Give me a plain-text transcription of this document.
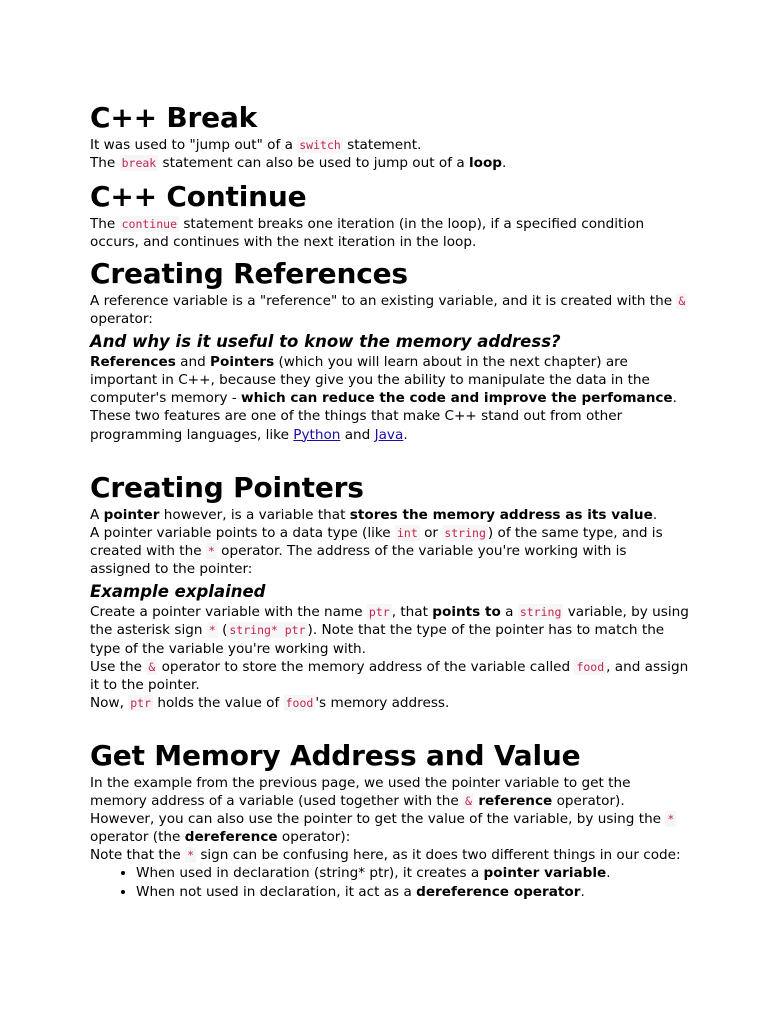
C++ Break

It was used to "jump out" of a switch statement.

The break statement can also be used to jump out of a loop.

C++ Continue

The continue statement breaks one iteration (in the loop), if a specified condition occurs, and continues with the next iteration in the loop.

Creating References

A reference variable is a "reference" to an existing variable, and it is created with the & operator:

And why is it useful to know the memory address?

References and Pointers (which you will learn about in the next chapter) are important in C++, because they give you the ability to manipulate the data in the computer's memory - which can reduce the code and improve the perfomance.

These two features are one of the things that make C++ stand out from other programming languages, like Python and Java.

Creating Pointers

A pointer however, is a variable that stores the memory address as its value.

A pointer variable points to a data type (like int or string ) of the same type, and is created with the * operator. The address of the variable you're working with is assigned to the pointer:

Example explained

Create a pointer variable with the name ptr , that points to a string variable, by using the asterisk sign * ( string* ptr ). Note that the type of the pointer has to match the type of the variable you're working with.

Use the & operator to store the memory address of the variable called food , and assign it to the pointer.

Now, ptr holds the value of food 's memory address.

Get Memory Address and Value

In the example from the previous page, we used the pointer variable to get the memory address of a variable (used together with the & reference operator). However, you can also use the pointer to get the value of the variable, by using the * operator (the dereference operator):

Note that the * sign can be confusing here, as it does two different things in our code:

• When used in declaration (string* ptr), it creates a pointer variable.
• When not used in declaration, it act as a dereference operator.
